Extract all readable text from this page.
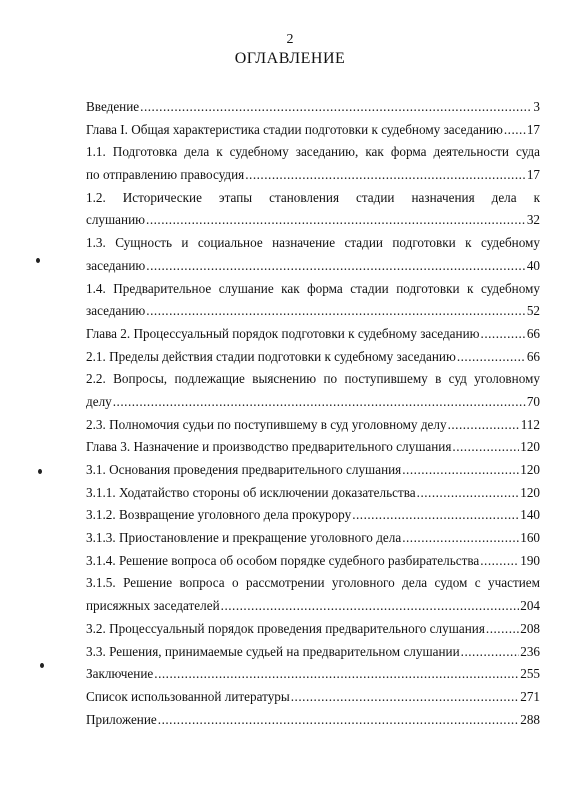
2
ОГЛАВЛЕНИЕ
Введение .....	3
Глава I. Общая характеристика стадии подготовки к судебному заседанию ..... 17
1.1. Подготовка дела к судебному заседанию, как форма деятельности суда
по отправлению правосудия .....	17
1.2. Исторические этапы становления стадии назначения дела к
слушанию .....	32
1.3. Сущность и социальное назначение стадии подготовки к судебному
заседанию .....	40
1.4. Предварительное слушание как форма стадии подготовки к судебному
заседанию .....	52
Глава 2. Процессуальный порядок подготовки к судебному заседанию .....	66
2.1. Пределы действия стадии подготовки к судебному заседанию .....	66
2.2. Вопросы, подлежащие выяснению по поступившему в суд уголовному
делу .....	70
2.3. Полномочия судьи по поступившему в суд уголовному делу .....	112
Глава 3. Назначение и производство предварительного слушания .....	120
3.1. Основания проведения предварительного слушания .....	120
3.1.1. Ходатайство стороны об исключении доказательства .....	120
3.1.2. Возвращение уголовного дела прокурору .....	140
3.1.3. Приостановление и прекращение уголовного дела .....	160
3.1.4. Решение вопроса об особом порядке судебного разбирательства .....	190
3.1.5. Решение вопроса о рассмотрении уголовного дела судом с участием
присяжных заседателей .....	204
3.2. Процессуальный порядок проведения предварительного слушания .....	208
3.3. Решения, принимаемые судьей на предварительном слушании .....	236
Заключение .....	255
Список использованной литературы .....	271
Приложение .....	288
